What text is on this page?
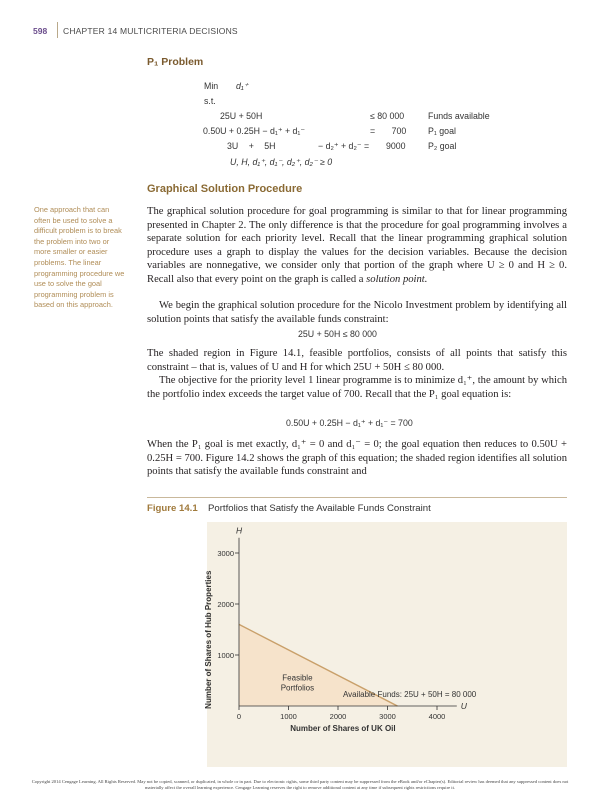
598 CHAPTER 14 MULTICRITERIA DECISIONS
P₁ Problem
Min d₁⁺
s.t.
25U + 50H	≤ 80 000	Funds available
0.50U + 0.25H − d₁⁺ + d₁⁻	= 700 P₁ goal
3U + 5H	− d₂⁺ + d₂⁻ = 9000	P₂ goal
U, H, d₁⁺, d₁⁻, d₂⁺, d₂⁻ ≥ 0
Graphical Solution Procedure
One approach that can often be used to solve a difficult problem is to break the problem into two or more smaller or easier problems. The linear programming procedure we use to solve the goal programming problem is based on this approach.
The graphical solution procedure for goal programming is similar to that for linear programming presented in Chapter 2. The only difference is that the procedure for goal programming involves a separate solution for each priority level. Recall that the linear programming graphical solution procedure uses a graph to display the values for the decision variables. Because the decision variables are nonnegative, we consider only that portion of the graph where U ≥ 0 and H ≥ 0. Recall also that every point on the graph is called a solution point.
We begin the graphical solution procedure for the Nicolo Investment problem by identifying all solution points that satisfy the available funds constraint:
25U + 50H ≤ 80 000
The shaded region in Figure 14.1, feasible portfolios, consists of all points that satisfy this constraint – that is, values of U and H for which 25U + 50H ≤ 80 000.
The objective for the priority level 1 linear programme is to minimize d₁⁺, the amount by which the portfolio index exceeds the target value of 700. Recall that the P₁ goal equation is:
0.50U + 0.25H − d₁⁺ + d₁⁻ = 700
When the P₁ goal is met exactly, d₁⁺ = 0 and d₁⁻ = 0; the goal equation then reduces to 0.50U + 0.25H = 700. Figure 14.2 shows the graph of this equation; the shaded region identifies all solution points that satisfy the available funds constraint and
Figure 14.1 Portfolios that Satisfy the Available Funds Constraint
0	1000	2000	3000	4000
1000
2000
3000
H
U
Number of Shares of UK Oil
Number of Shares of Hub Properties	Available Funds: 25U + 50H = 80 000
Feasible
Portfolios
Copyright 2014 Cengage Learning. All Rights Reserved. May not be copied, scanned, or duplicated, in whole or in part. Due to electronic rights, some third party content may be suppressed from the eBook and/or eChapter(s). Editorial review has deemed that any suppressed content does not materially affect the overall learning experience. Cengage Learning reserves the right to remove additional content at any time if subsequent rights restrictions require it.
